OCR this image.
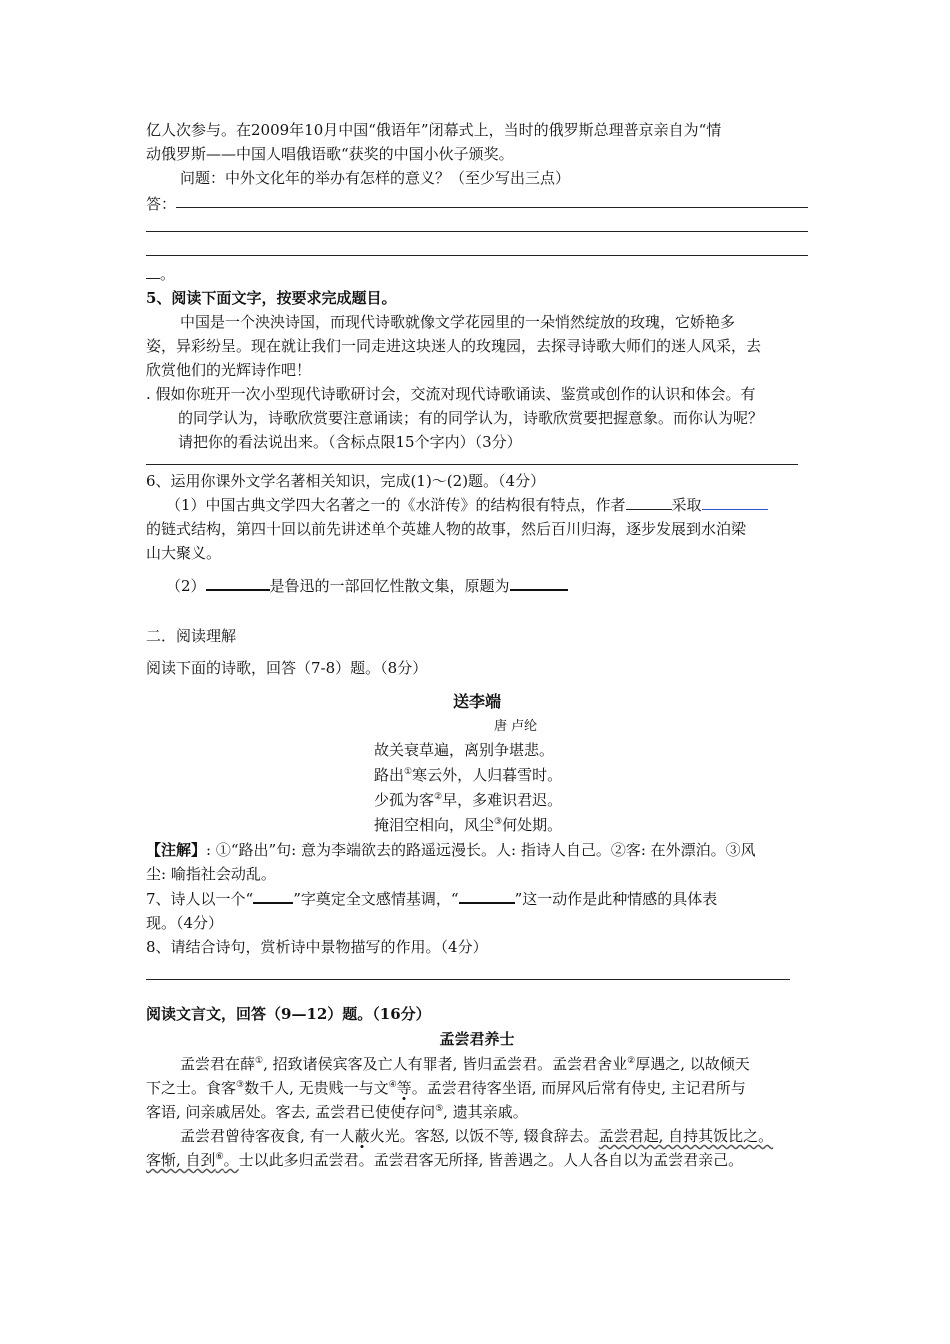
亿人次参与。在2009年10月中国“俄语年”闭幕式上，当时的俄罗斯总理普京亲自为“情

动俄罗斯——中国人唱俄语歌“获奖的中国小伙子颁奖。

问题：中外文化年的举办有怎样的意义？（至少写出三点）

答：

。

5、阅读下面文字，按要求完成题目。

中国是一个泱泱诗国，而现代诗歌就像文学花园里的一朵悄然绽放的玫瑰，它娇艳多

姿，异彩纷呈。现在就让我们一同走进这块迷人的玫瑰园，去探寻诗歌大师们的迷人风采，去

欣赏他们的光辉诗作吧！

. 假如你班开一次小型现代诗歌研讨会，交流对现代诗歌诵读、鉴赏或创作的认识和体会。有

的同学认为，诗歌欣赏要注意诵读；有的同学认为，诗歌欣赏要把握意象。而你认为呢？

请把你的看法说出来。（含标点限15个字内）（3分）

6、运用你课外文学名著相关知识，完成(1)～(2)题。（4分）

（1）中国古典文学四大名著之一的《水浒传》的结构很有特点，作者	采取

的链式结构，第四十回以前先讲述单个英雄人物的故事，然后百川归海，逐步发展到水泊梁

山大聚义。

（2）	是鲁迅的一部回忆性散文集，原题为

二．阅读理解

阅读下面的诗歌，回答（7-8）题。（8分）

送李端

唐 卢纶

故关衰草遍，离别争堪悲。

路出①寒云外，人归暮雪时。

少孤为客②早，多难识君迟。

掩泪空相向，风尘③何处期。

【注解】: ①“路出”句: 意为李端欲去的路遥远漫长。人: 指诗人自己。②客: 在外漂泊。③风

尘: 喻指社会动乱。

7、诗人以一个“	”字奠定全文感情基调，“	”这一动作是此种情感的具体表

现。（4分）

8、请结合诗句，赏析诗中景物描写的作用。（4分）

阅读文言文，回答（9—12）题。（16分）

孟尝君养士

孟尝君在薛①, 招致诸侯宾客及亡人有罪者, 皆归孟尝君。孟尝君舍业②厚遇之, 以故倾天

下之士。食客③数千人, 无贵贱一与文④等。孟尝君待客坐语, 而屏风后常有侍史, 主记君所与

客语, 问亲戚居处。客去, 孟尝君已使使存问⑤, 遗其亲戚。

孟尝君曾待客夜食, 有一人蔽火光。客怒, 以饭不等, 辍食辞去。孟尝君起, 自持其饭比之。

客惭, 自刭⑥。士以此多归孟尝君。孟尝君客无所择, 皆善遇之。人人各自以为孟尝君亲己。
